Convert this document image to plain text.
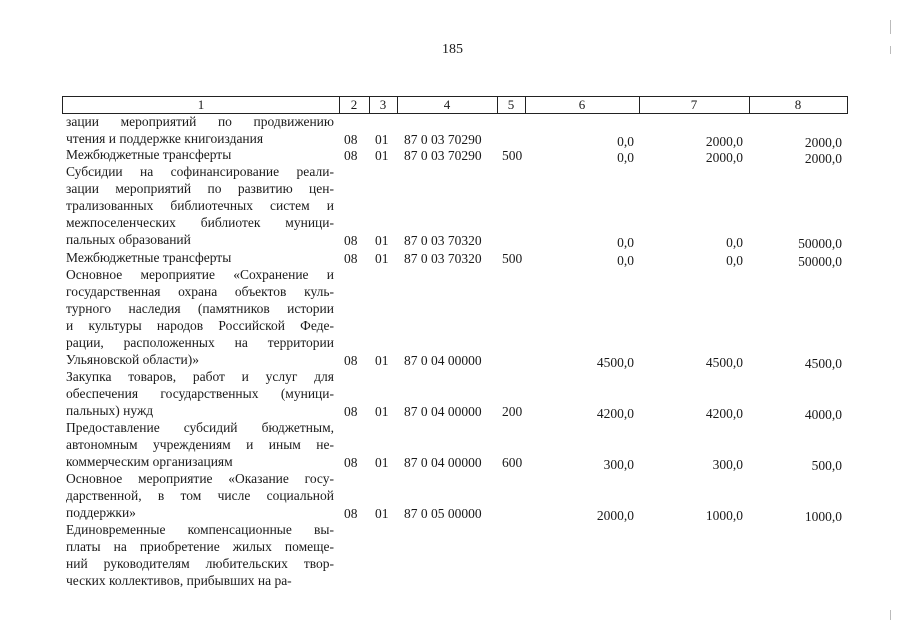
185
1	2	3	4	5	6	7	8
зации мероприятий по продвижению
чтения и поддержке книгоиздания	08 01 87 0 03 70290	0,0	2000,0	2000,0
Межбюджетные трансферты	08 01 87 0 03 70290 500	0,0	2000,0	2000,0
Субсидии на софинансирование реали-
зации мероприятий по развитию цен-
трализованных библиотечных систем и
межпоселенческих библиотек муници-
пальных образований	08 01 87 0 03 70320	0,0	0,0	50000,0
Межбюджетные трансферты	08 01 87 0 03 70320 500	0,0	0,0	50000,0
Основное мероприятие «Сохранение и
государственная охрана объектов куль-
турного наследия (памятников истории
и культуры народов Российской Феде-
рации, расположенных на территории
Ульяновской области)»	08 01 87 0 04 00000	4500,0	4500,0	4500,0
Закупка товаров, работ и услуг для
обеспечения государственных (муници-
пальных) нужд	08 01 87 0 04 00000 200	4200,0	4200,0	4000,0
Предоставление субсидий бюджетным,
автономным учреждениям и иным не-
коммерческим организациям	08 01 87 0 04 00000 600	300,0	300,0	500,0
Основное мероприятие «Оказание госу-
дарственной, в том числе социальной
поддержки»	08 01 87 0 05 00000	2000,0	1000,0	1000,0
Единовременные компенсационные вы-
платы на приобретение жилых помеще-
ний руководителям любительских твор-
ческих коллективов, прибывших на ра-
